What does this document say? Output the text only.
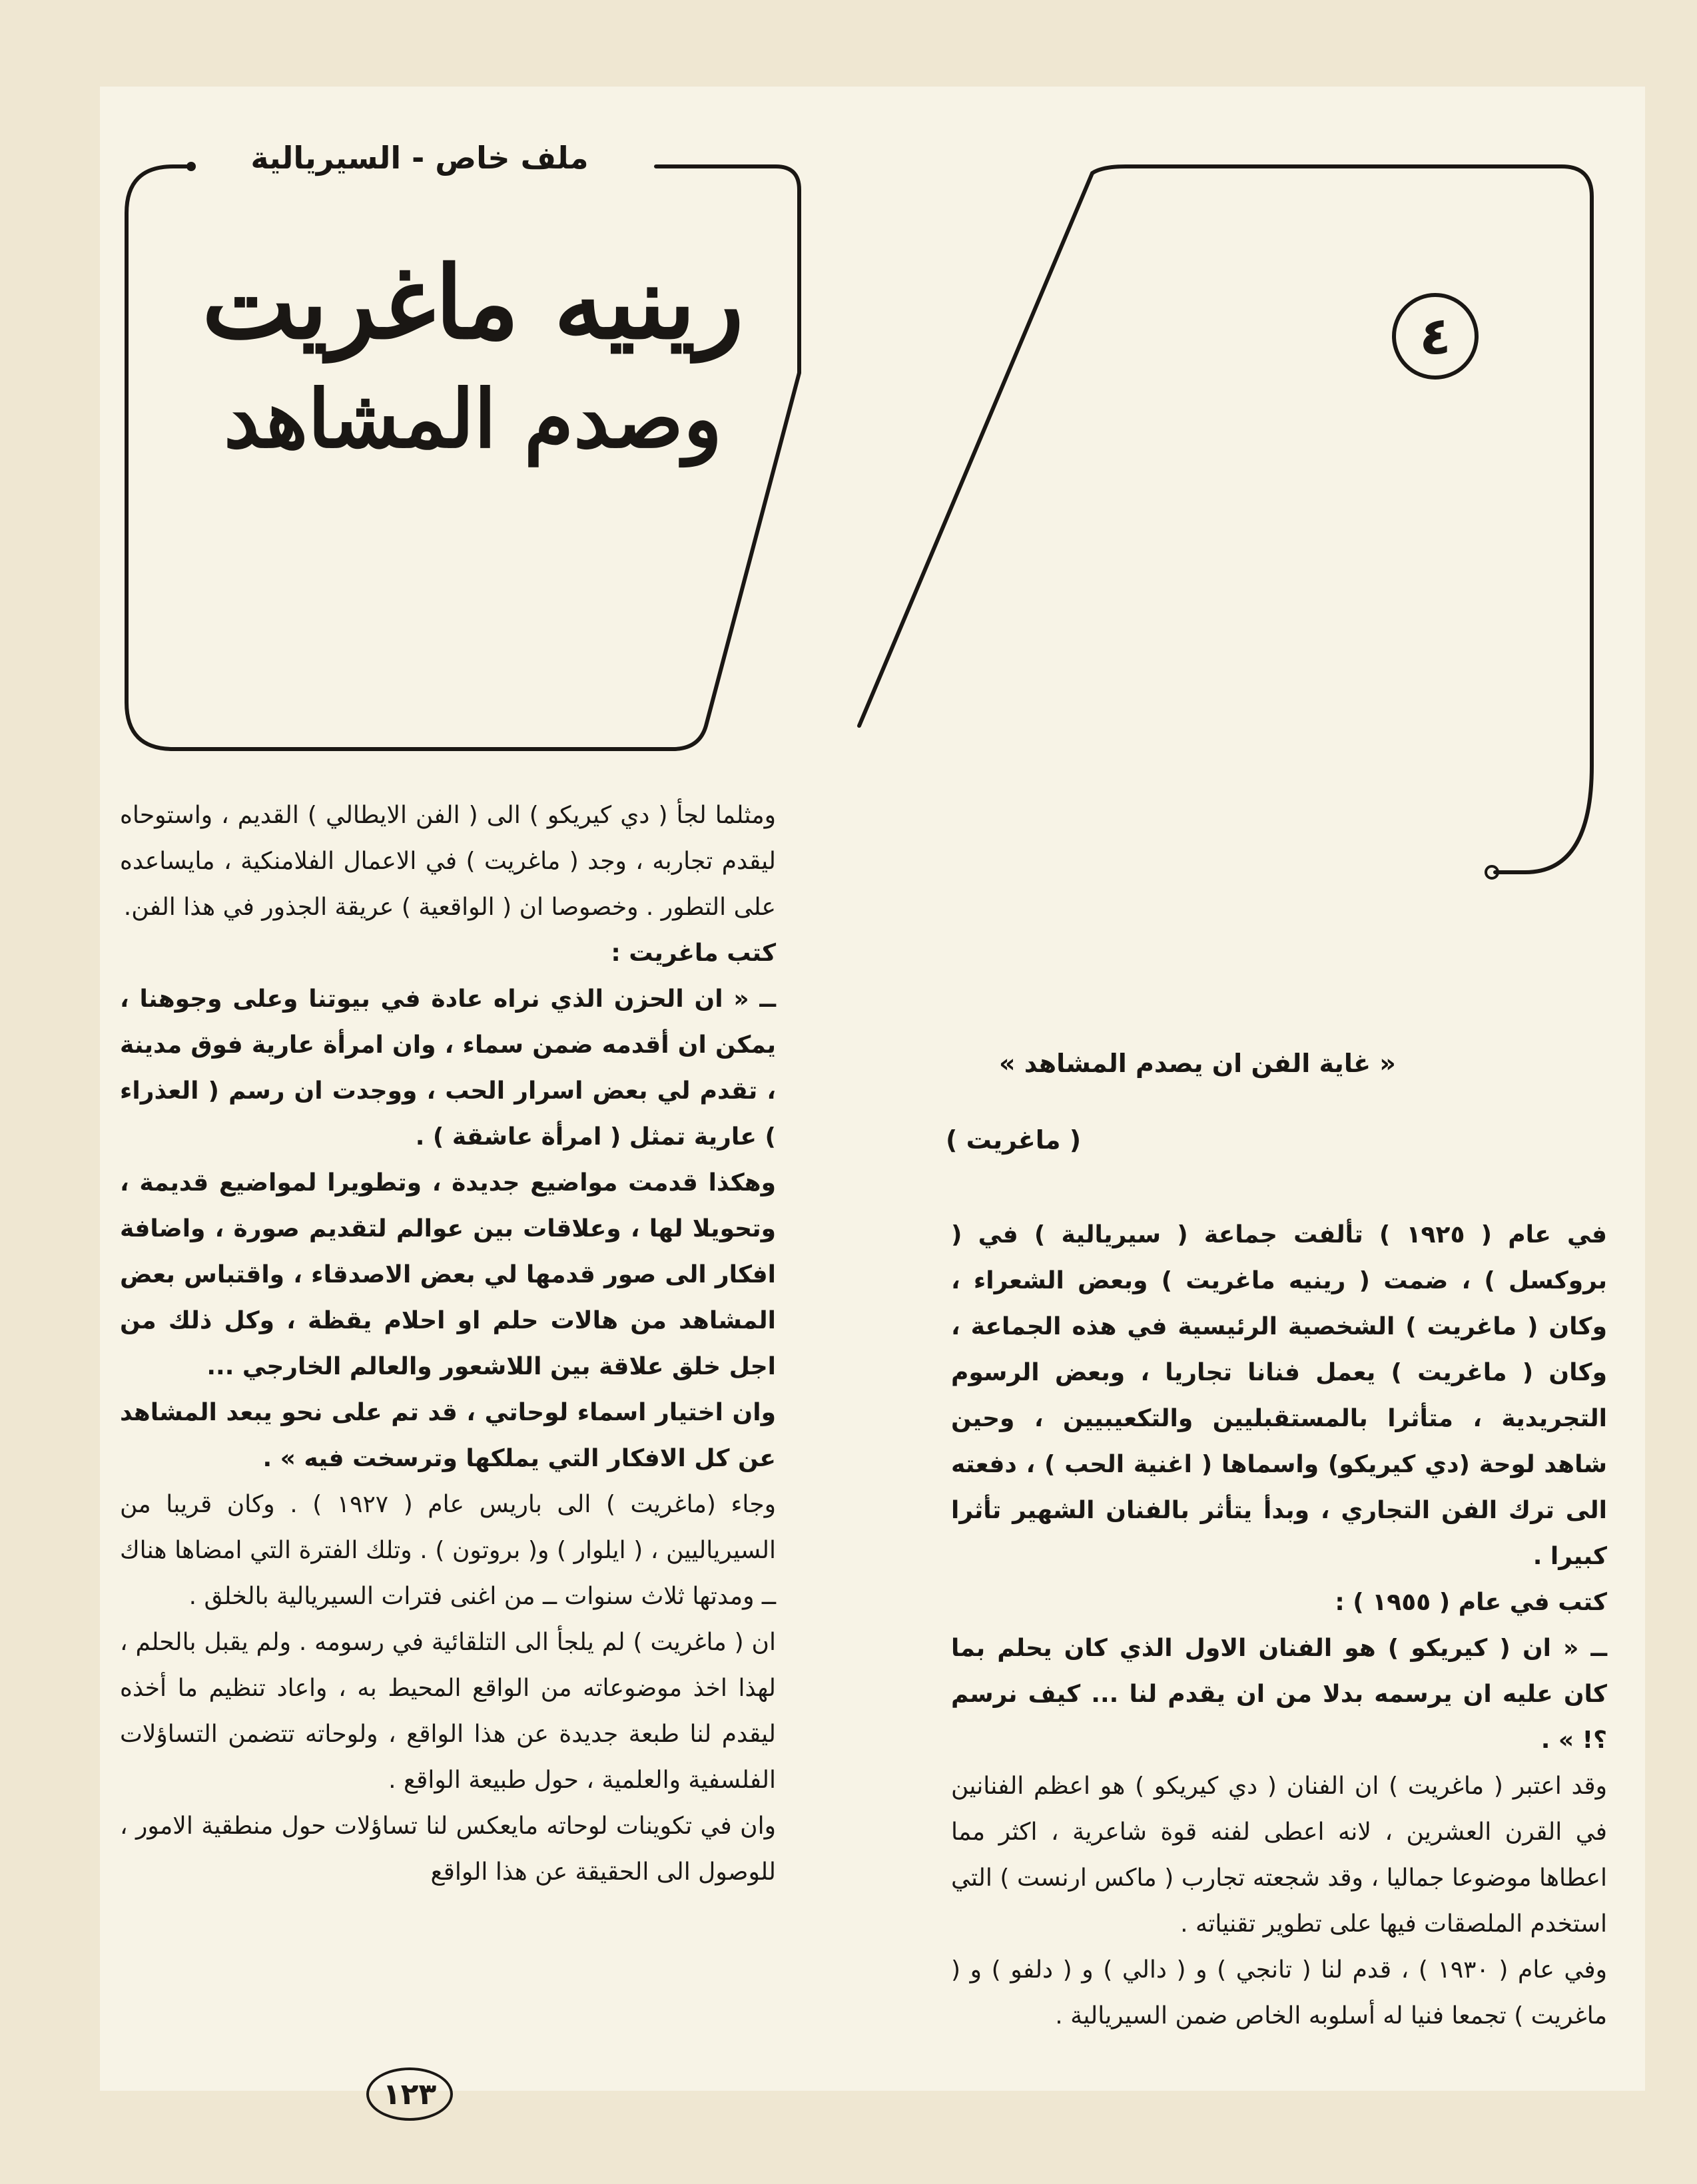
ملف خاص - السيريالية
رينيه ماغريت
وصدم المشاهد
٤
« غاية الفن ان يصدم المشاهد »
( ماغريت )

ومثلما لجأ ( دي كيريكو ) الى ( الفن الايطالي ) القديم ، واستوحاه ليقدم تجاربه ، وجد ( ماغريت ) في الاعمال الفلامنكية ، مايساعده على التطور . وخصوصا ان ( الواقعية ) عريقة الجذور في هذا الفن.

كتب ماغريت :

ــ « ان الحزن الذي نراه عادة في بيوتنا وعلى وجوهنا ، يمكن ان أقدمه ضمن سماء ، وان امرأة عارية فوق مدينة ، تقدم لي بعض اسرار الحب ، ووجدت ان رسم ( العذراء ) عارية تمثل ( امرأة عاشقة ) .

وهكذا قدمت مواضيع جديدة ، وتطويرا لمواضيع قديمة ، وتحويلا لها ، وعلاقات بين عوالم لتقديم صورة ، واضافة افكار الى صور قدمها لي بعض الاصدقاء ، واقتباس بعض المشاهد من هالات حلم او احلام يقظة ، وكل ذلك من اجل خلق علاقة بين اللاشعور والعالم الخارجي ...

وان اختيار اسماء لوحاتي ، قد تم على نحو يبعد المشاهد عن كل الافكار التي يملكها وترسخت فيه » .

وجاء (ماغريت ) الى باريس عام ( ١٩٢٧ ) . وكان قريبا من السيرياليين ، ( ايلوار ) و( بروتون ) . وتلك الفترة التي امضاها هناك ــ ومدتها ثلاث سنوات ــ من اغنى فترات السيريالية بالخلق .

ان ( ماغريت ) لم يلجأ الى التلقائية في رسومه . ولم يقبل بالحلم ، لهذا اخذ موضوعاته من الواقع المحيط به ، واعاد تنظيم ما أخذه ليقدم لنا طبعة جديدة عن هذا الواقع ، ولوحاته تتضمن التساؤلات الفلسفية والعلمية ، حول طبيعة الواقع .

وان في تكوينات لوحاته مايعكس لنا تساؤلات حول منطقية الامور ، للوصول الى الحقيقة عن هذا الواقع

في عام ( ١٩٢٥ ) تألفت جماعة ( سيريالية ) في ( بروكسل ) ، ضمت ( رينيه ماغريت ) وبعض الشعراء ، وكان ( ماغريت ) الشخصية الرئيسية في هذه الجماعة ، وكان ( ماغريت ) يعمل فنانا تجاريا ، وبعض الرسوم التجريدية ، متأثرا بالمستقبليين والتكعيبيين ، وحين شاهد لوحة (دي كيريكو) واسماها ( اغنية الحب ) ، دفعته الى ترك الفن التجاري ، وبدأ يتأثر بالفنان الشهير تأثرا كبيرا .

كتب في عام ( ١٩٥٥ ) :

ــ « ان ( كيريكو ) هو الفنان الاول الذي كان يحلم بما كان عليه ان يرسمه بدلا من ان يقدم لنا ... كيف نرسم ؟! » .

وقد اعتبر ( ماغريت ) ان الفنان ( دي كيريكو ) هو اعظم الفنانين في القرن العشرين ، لانه اعطى لفنه قوة شاعرية ، اكثر مما اعطاها موضوعا جماليا ، وقد شجعته تجارب ( ماكس ارنست ) التي استخدم الملصقات فيها على تطوير تقنياته .

وفي عام ( ١٩٣٠ ) ، قدم لنا ( تانجي ) و ( دالي ) و ( دلفو ) و ( ماغريت ) تجمعا فنيا له أسلوبه الخاص ضمن السيريالية .

١٢٣
